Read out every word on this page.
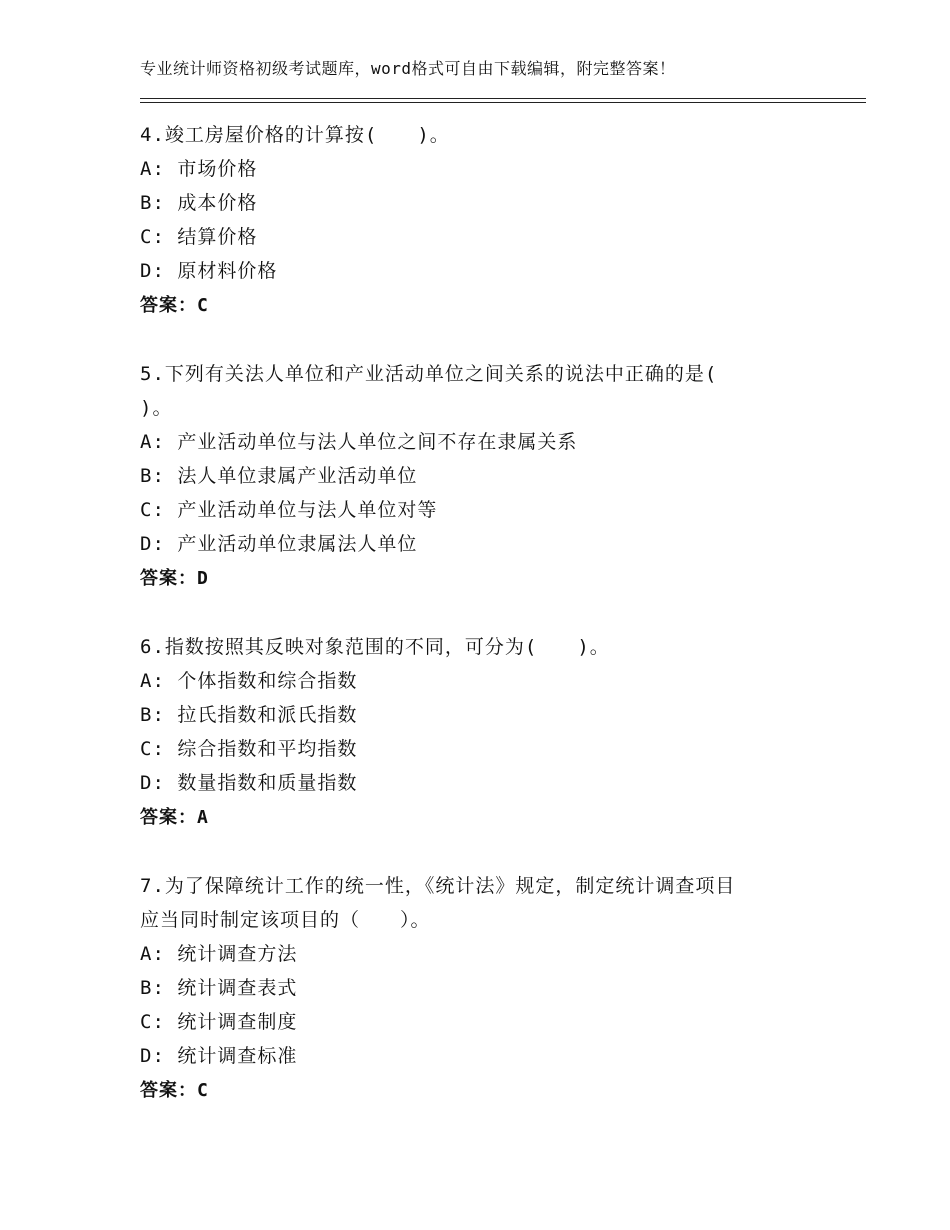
专业统计师资格初级考试题库，word格式可自由下载编辑，附完整答案！
4.竣工房屋价格的计算按(　　)。
A: 市场价格
B: 成本价格
C: 结算价格
D: 原材料价格
答案：C
5.下列有关法人单位和产业活动单位之间关系的说法中正确的是(
)。
A: 产业活动单位与法人单位之间不存在隶属关系
B: 法人单位隶属产业活动单位
C: 产业活动单位与法人单位对等
D: 产业活动单位隶属法人单位
答案：D
6.指数按照其反映对象范围的不同，可分为(　　)。
A: 个体指数和综合指数
B: 拉氏指数和派氏指数
C: 综合指数和平均指数
D: 数量指数和质量指数
答案：A
7.为了保障统计工作的统一性，《统计法》规定，制定统计调查项目
应当同时制定该项目的（　　）。
A: 统计调查方法
B: 统计调查表式
C: 统计调查制度
D: 统计调查标准
答案：C
